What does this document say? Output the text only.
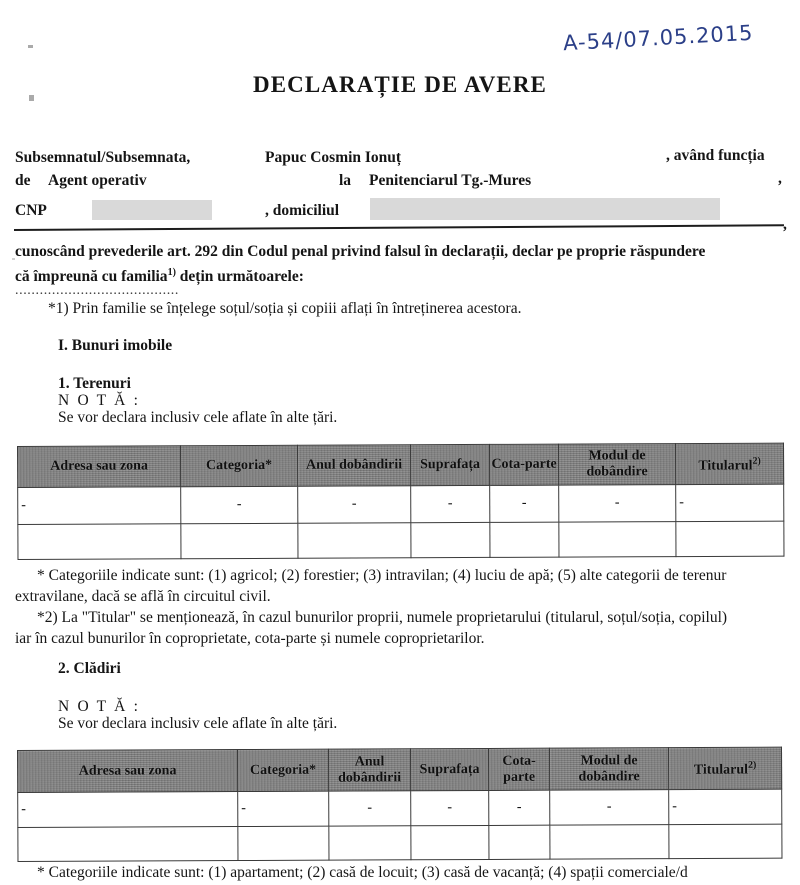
A-54/07.05.2015
DECLARAȚIE DE AVERE
Subsemnatul/Subsemnata,	Papuc Cosmin Ionuț	, având funcția
de Agent operativ	la Penitenciarul Tg.-Mures	,
CNP	, domiciliul
,
cunoscând prevederile art. 292 din Codul penal privind falsul în declarații, declar pe proprie răspundere
că împreună cu familia$^{1)}$ dețin următoarele:
........................................
*1) Prin familie se înțelege soțul/soția și copiii aflați în întreținerea acestora.
I. Bunuri imobile
1. Terenuri
N O T Ă :
Se vor declara inclusiv cele aflate în alte țări.
Adresa sau zona	Categoria*	Anul dobândirii	Suprafața	Cota-parte	Modul de dobândire	Titularul$^{2)}$
-	-	-	-	-	-	-

* Categoriile indicate sunt: (1) agricol; (2) forestier; (3) intravilan; (4) luciu de apă; (5) alte categorii de terenur
extravilane, dacă se află în circuitul civil.
*2) La "Titular" se menționează, în cazul bunurilor proprii, numele proprietarului (titularul, soțul/soția, copilul)
iar în cazul bunurilor în coproprietate, cota-parte și numele coproprietarilor.
2. Clădiri
N O T Ă :
Se vor declara inclusiv cele aflate în alte țări.
Adresa sau zona	Categoria*	Anul dobândirii	Suprafața	Cota-parte	Modul de dobândire	Titularul$^{2)}$
-	-	-	-	-	-	-

* Categoriile indicate sunt: (1) apartament; (2) casă de locuit; (3) casă de vacanță; (4) spații comerciale/d
